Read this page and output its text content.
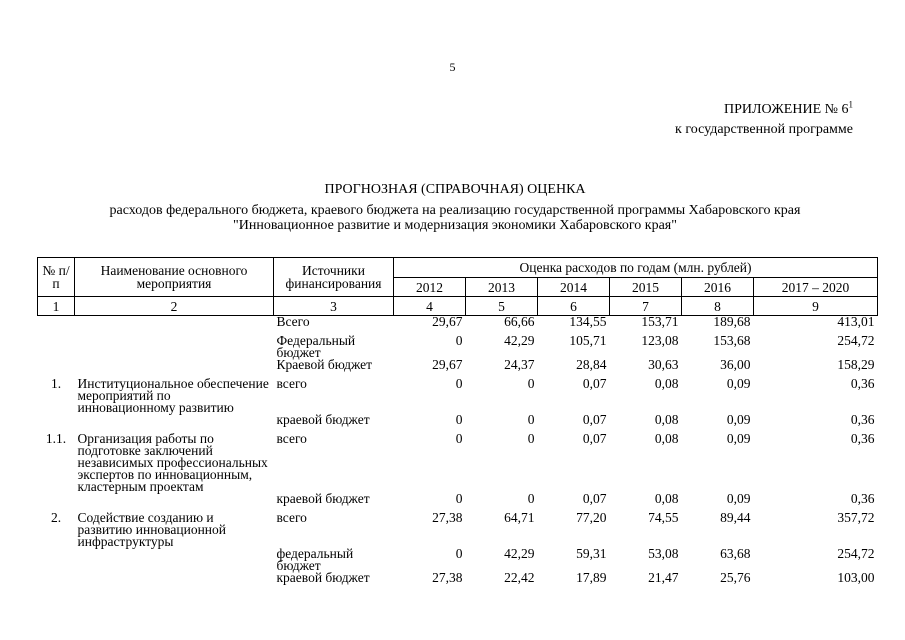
5
ПРИЛОЖЕНИЕ № $6^1$
к государственной программе
ПРОГНОЗНАЯ (СПРАВОЧНАЯ) ОЦЕНКА
расходов федерального бюджета, краевого бюджета на реализацию государственной программы Хабаровского края
"Инновационное развитие и модернизация экономики Хабаровского края"
№ п/п	Наименование основного мероприятия	Источники финансирования	Оценка расходов по годам (млн. рублей)					
			2012	2013	2014	2015	2016	2017 – 2020
1	2	3	4	5	6	7	8	9
		Всего	29,67	66,66	134,55	153,71	189,68	413,01
		Федеральный бюджет	0	42,29	105,71	123,08	153,68	254,72
		Краевой бюджет	29,67	24,37	28,84	30,63	36,00	158,29
1.	Институциональное обеспечение мероприятий по инновационному развитию	всего	0	0	0,07	0,08	0,09	0,36
		краевой бюджет	0	0	0,07	0,08	0,09	0,36
1.1.	Организация работы по подготовке заключений независимых профессиональных экспертов по инновационным, кластерным проектам	всего	0	0	0,07	0,08	0,09	0,36
		краевой бюджет	0	0	0,07	0,08	0,09	0,36
2.	Содействие созданию и развитию инновационной инфраструктуры	всего	27,38	64,71	77,20	74,55	89,44	357,72
		федеральный бюджет	0	42,29	59,31	53,08	63,68	254,72
		краевой бюджет	27,38	22,42	17,89	21,47	25,76	103,00
